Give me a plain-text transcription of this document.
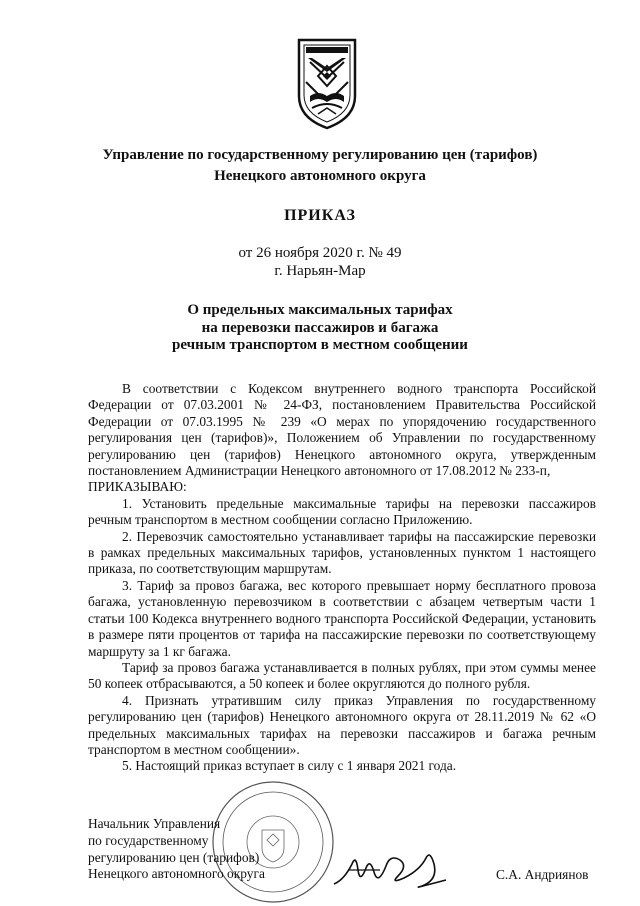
Управление по государственному регулированию цен (тарифов)
Ненецкого автономного округа
ПРИКАЗ
от 26 ноября 2020 г. № 49
г. Нарьян-Мар
О предельных максимальных тарифах
на перевозки пассажиров и багажа
речным транспортом в местном сообщении

В соответствии с Кодексом внутреннего водного транспорта Российской Федерации от 07.03.2001 № 24-ФЗ, постановлением Правительства Российской Федерации от 07.03.1995 № 239 «О мерах по упорядочению государственного регулирования цен (тарифов)», Положением об Управлении по государственному регулированию цен (тарифов) Ненецкого автономного округа, утвержденным постановлением Администрации Ненецкого автономного от 17.08.2012 № 233-п,

ПРИКАЗЫВАЮ:

1. Установить предельные максимальные тарифы на перевозки пассажиров речным транспортом в местном сообщении согласно Приложению.

2. Перевозчик самостоятельно устанавливает тарифы на пассажирские перевозки в рамках предельных максимальных тарифов, установленных пунктом 1 настоящего приказа, по соответствующим маршрутам.

3. Тариф за провоз багажа, вес которого превышает норму бесплатного провоза багажа, установленную перевозчиком в соответствии с абзацем четвертым части 1 статьи 100 Кодекса внутреннего водного транспорта Российской Федерации, установить в размере пяти процентов от тарифа на пассажирские перевозки по соответствующему маршруту за 1 кг багажа.

Тариф за провоз багажа устанавливается в полных рублях, при этом суммы менее 50 копеек отбрасываются, а 50 копеек и более округляются до полного рубля.

4. Признать утратившим силу приказ Управления по государственному регулированию цен (тарифов) Ненецкого автономного округа от 28.11.2019 № 62 «О предельных максимальных тарифах на перевозки пассажиров и багажа речным транспортом в местном сообщении».

5. Настоящий приказ вступает в силу с 1 января 2021 года.

Начальник Управления
по государственному
регулированию цен (тарифов)
Ненецкого автономного округа	С.А. Андриянов
